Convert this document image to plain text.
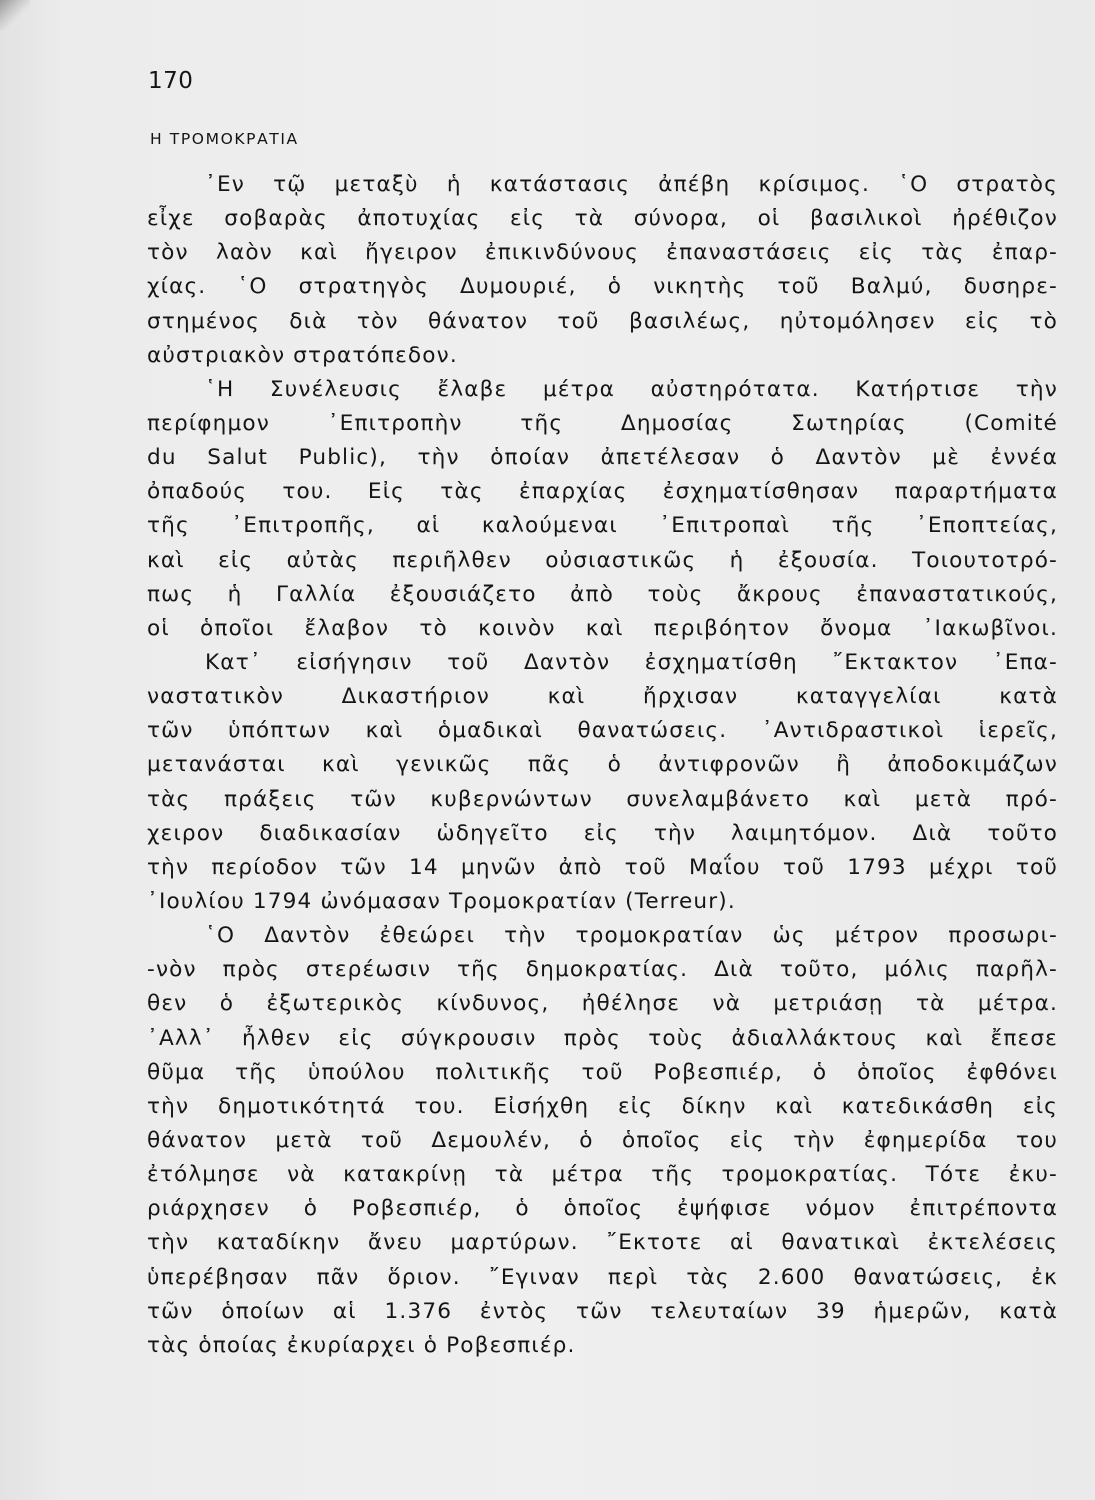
170
Η ΤΡΟΜΟΚΡΑΤΙΑ
᾿Εν τῷ μεταξὺ ἡ κατάστασις ἀπέβη κρίσιμος. ῾Ο στρατὸς
εἶχε σοβαρὰς ἀποτυχίας εἰς τὰ σύνορα, οἱ βασιλικοὶ ἠρέθιζον
τὸν λαὸν καὶ ἤγειρον ἐπικινδύνους ἐπαναστάσεις εἰς τὰς ἐπαρ-
χίας. ῾Ο στρατηγὸς Δυμουριέ, ὁ νικητὴς τοῦ Βαλμύ, δυσηρε-
στημένος διὰ τὸν θάνατον τοῦ βασιλέως, ηὐτομόλησεν εἰς τὸ
αὐστριακὸν στρατόπεδον.
῾Η Συνέλευσις ἔλαβε μέτρα αὐστηρότατα. Κατήρτισε τὴν
περίφημον ᾿Επιτροπὴν τῆς Δημοσίας Σωτηρίας (Comité
du Salut Public), τὴν ὁποίαν ἀπετέλεσαν ὁ Δαντὸν μὲ ἐννέα
ὀπαδούς του. Εἰς τὰς ἐπαρχίας ἐσχηματίσθησαν παραρτήματα
τῆς ᾿Επιτροπῆς, αἱ καλούμεναι ᾿Επιτροπαὶ τῆς ᾿Εποπτείας,
καὶ εἰς αὐτὰς περιῆλθεν οὐσιαστικῶς ἡ ἐξουσία. Τοιουτοτρό-
πως ἡ Γαλλία ἐξουσιάζετο ἀπὸ τοὺς ἄκρους ἐπαναστατικούς,
οἱ ὁποῖοι ἔλαβον τὸ κοινὸν καὶ περιβόητον ὄνομα ᾿Ιακωβῖνοι.
Κατ᾿ εἰσήγησιν τοῦ Δαντὸν ἐσχηματίσθη ῎Εκτακτον ᾿Επα-
ναστατικὸν Δικαστήριον καὶ ἤρχισαν καταγγελίαι κατὰ
τῶν ὑπόπτων καὶ ὁμαδικαὶ θανατώσεις. ᾿Αντιδραστικοὶ ἱερεῖς,
μετανάσται καὶ γενικῶς πᾶς ὁ ἀντιφρονῶν ἢ ἀποδοκιμάζων
τὰς πράξεις τῶν κυβερνώντων συνελαμβάνετο καὶ μετὰ πρό-
χειρον διαδικασίαν ὡδηγεῖτο εἰς τὴν λαιμητόμον. Διὰ τοῦτο
τὴν περίοδον τῶν 14 μηνῶν ἀπὸ τοῦ Μαΐου τοῦ 1793 μέχρι τοῦ
᾿Ιουλίου 1794 ὠνόμασαν Τρομοκρατίαν (Terreur).
῾Ο Δαντὸν ἐθεώρει τὴν τρομοκρατίαν ὡς μέτρον προσωρι-
-νὸν πρὸς στερέωσιν τῆς δημοκρατίας. Διὰ τοῦτο, μόλις παρῆλ-
θεν ὁ ἐξωτερικὸς κίνδυνος, ἠθέλησε νὰ μετριάσῃ τὰ μέτρα.
᾿Αλλ᾿ ἦλθεν εἰς σύγκρουσιν πρὸς τοὺς ἀδιαλλάκτους καὶ ἔπεσε
θῦμα τῆς ὑπούλου πολιτικῆς τοῦ Ροβεσπιέρ, ὁ ὁποῖος ἐφθόνει
τὴν δημοτικότητά του. Εἰσήχθη εἰς δίκην καὶ κατεδικάσθη εἰς
θάνατον μετὰ τοῦ Δεμουλέν, ὁ ὁποῖος εἰς τὴν ἐφημερίδα του
ἐτόλμησε νὰ κατακρίνῃ τὰ μέτρα τῆς τρομοκρατίας. Τότε ἐκυ-
ριάρχησεν ὁ Ροβεσπιέρ, ὁ ὁποῖος ἐψήφισε νόμον ἐπιτρέποντα
τὴν καταδίκην ἄνευ μαρτύρων. ῎Εκτοτε αἱ θανατικαὶ ἐκτελέσεις
ὑπερέβησαν πᾶν ὅριον. ῎Εγιναν περὶ τὰς 2.600 θανατώσεις, ἐκ
τῶν ὁποίων αἱ 1.376 ἐντὸς τῶν τελευταίων 39 ἡμερῶν, κατὰ
τὰς ὁποίας ἐκυρίαρχει ὁ Ροβεσπιέρ.
